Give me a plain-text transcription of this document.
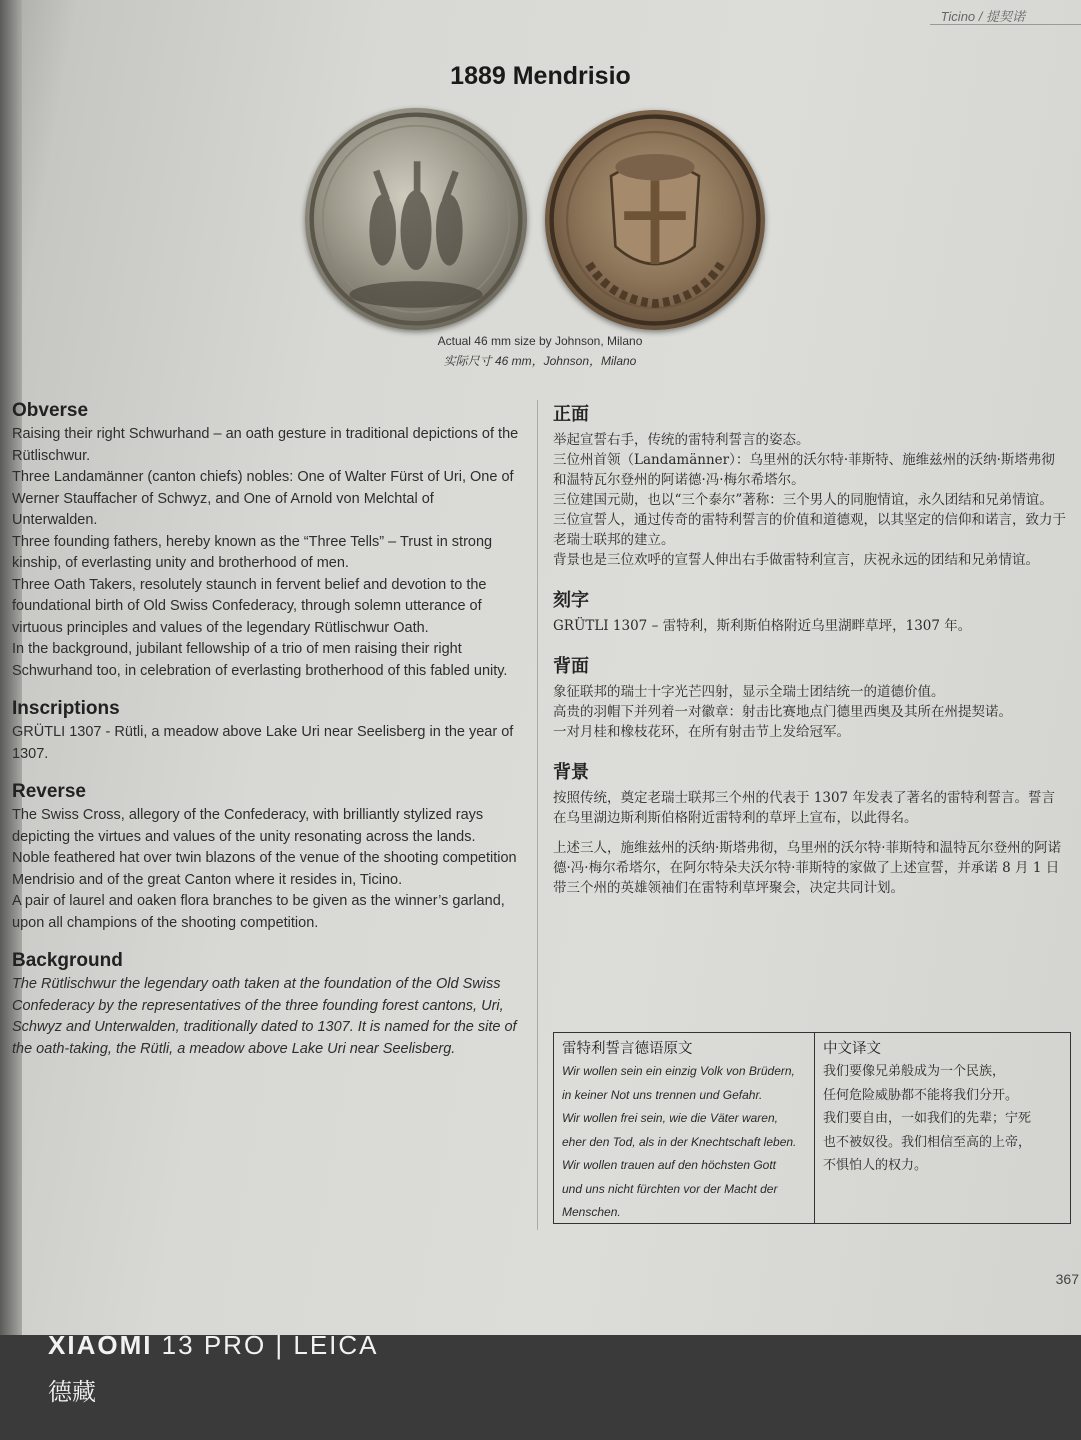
Ticino / 提契诺
1889 Mendrisio
Actual 46 mm size by Johnson, Milano
实际尺寸 46 mm，Johnson，Milano
Obverse

Raising their right Schwurhand – an oath gesture in traditional depictions of the Rütlischwur.

Three Landamänner (canton chiefs) nobles: One of Walter Fürst of Uri, One of Werner Stauffacher of Schwyz, and One of Arnold von Melchtal of Unterwalden.

Three founding fathers, hereby known as the “Three Tells” – Trust in strong kinship, of everlasting unity and brotherhood of men.

Three Oath Takers, resolutely staunch in fervent belief and devotion to the foundational birth of Old Swiss Confederacy, through solemn utterance of virtuous principles and values of the legendary Rütlischwur Oath.

In the background, jubilant fellowship of a trio of men raising their right Schwurhand too, in celebration of everlasting brotherhood of this fabled unity.

Inscriptions

GRÜTLI 1307 - Rütli, a meadow above Lake Uri near Seelisberg in the year of 1307.

Reverse

The Swiss Cross, allegory of the Confederacy, with brilliantly stylized rays depicting the virtues and values of the unity resonating across the lands.

Noble feathered hat over twin blazons of the venue of the shooting competition Mendrisio and of the great Canton where it resides in, Ticino.

A pair of laurel and oaken flora branches to be given as the winner’s garland, upon all champions of the shooting competition.

Background

The Rütlischwur the legendary oath taken at the foundation of the Old Swiss Confederacy by the representatives of the three founding forest cantons, Uri, Schwyz and Unterwalden, traditionally dated to 1307. It is named for the site of the oath-taking, the Rütli, a meadow above Lake Uri near Seelisberg.

正面

举起宣誓右手，传统的雷特利誓言的姿态。

三位州首领（Landamänner）：乌里州的沃尔特·菲斯特、施维兹州的沃纳·斯塔弗彻和温特瓦尔登州的阿诺德·冯·梅尔希塔尔。

三位建国元勋，也以“三个泰尔”著称：三个男人的同胞情谊，永久团结和兄弟情谊。

三位宣誓人，通过传奇的雷特利誓言的价值和道德观，以其坚定的信仰和诺言，致力于老瑞士联邦的建立。

背景也是三位欢呼的宣誓人伸出右手做雷特利宣言，庆祝永远的团结和兄弟情谊。

刻字

GRÜTLI 1307 – 雷特利，斯利斯伯格附近乌里湖畔草坪，1307 年。

背面

象征联邦的瑞士十字光芒四射，显示全瑞士团结统一的道德价值。

高贵的羽帽下并列着一对徽章：射击比赛地点门德里西奥及其所在州提契诺。

一对月桂和橡枝花环，在所有射击节上发给冠军。

背景

按照传统，奠定老瑞士联邦三个州的代表于 1307 年发表了著名的雷特利誓言。誓言在乌里湖边斯利斯伯格附近雷特利的草坪上宣布，以此得名。

上述三人，施维兹州的沃纳·斯塔弗彻，乌里州的沃尔特·菲斯特和温特瓦尔登州的阿诺德·冯·梅尔希塔尔，在阿尔特朵夫沃尔特·菲斯特的家做了上述宣誓，并承诺 8 月 1 日带三个州的英雄领袖们在雷特利草坪聚会，决定共同计划。

雷特利誓言德语原文

Wir wollen sein ein einzig Volk von Brüdern,

in keiner Not uns trennen und Gefahr.

Wir wollen frei sein, wie die Väter waren,

eher den Tod, als in der Knechtschaft leben.

Wir wollen trauen auf den höchsten Gott

und uns nicht fürchten vor der Macht der

Menschen.

中文译文

我们要像兄弟般成为一个民族，

任何危险威胁都不能将我们分开。

我们要自由，一如我们的先辈；宁死

也不被奴役。我们相信至高的上帝，

不惧怕人的权力。

367
XIAOMI 13 PRO | LEICA
德藏
